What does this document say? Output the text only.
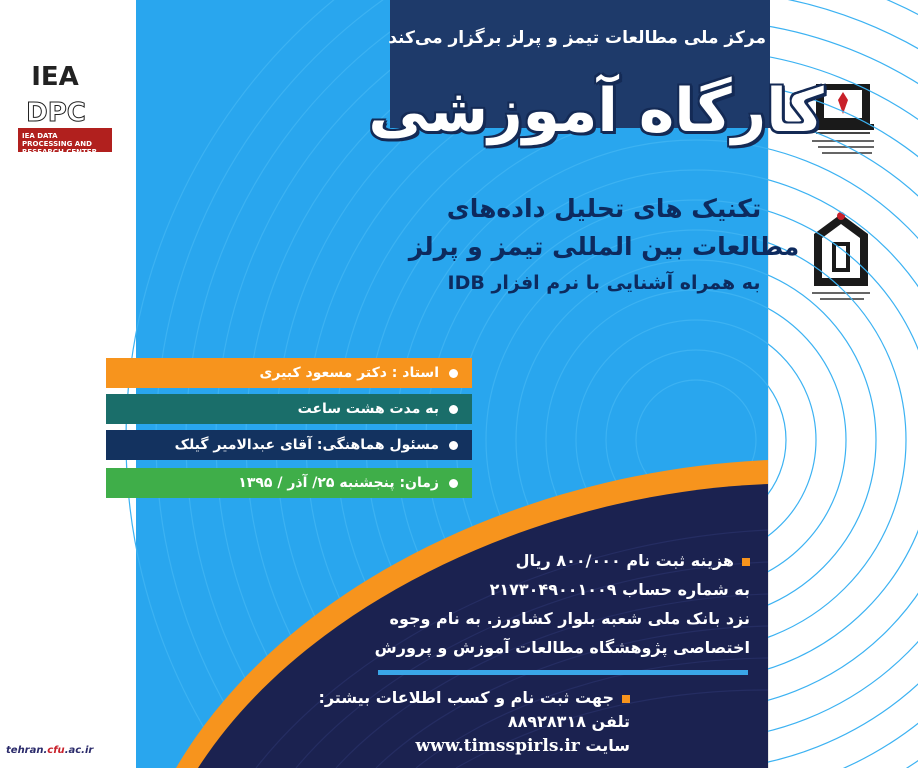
IEA
DPC
IEA DATA PROCESSING AND RESEARCH CENTER
tehran. cfu .ac.ir
مرکز ملی مطالعات تیمز و پرلز برگزار می‌کند
کارگاه آموزشی
تکنیک های تحلیل داده‌های
مطالعات بین المللی تیمز و پرلز
به همراه آشنایی با نرم افزار IDB
استاد : دکتر مسعود کبیری
به مدت هشت ساعت
مسئول هماهنگی: آقای عبدالامیر گیلک
زمان: پنجشنبه ۲۵/ آذر / ۱۳۹۵
هزینه ثبت نام ۸۰۰/۰۰۰ ریال
به شماره حساب ۲۱۷۳۰۴۹۰۰۱۰۰۹
نزد بانک ملی شعبه بلوار کشاورز. به نام وجوه
اختصاصی پژوهشگاه مطالعات آموزش و پرورش
جهت ثبت نام و کسب اطلاعات بیشتر:
تلفن ۸۸۹۲۸۳۱۸
سایت www.timsspirls.ir
